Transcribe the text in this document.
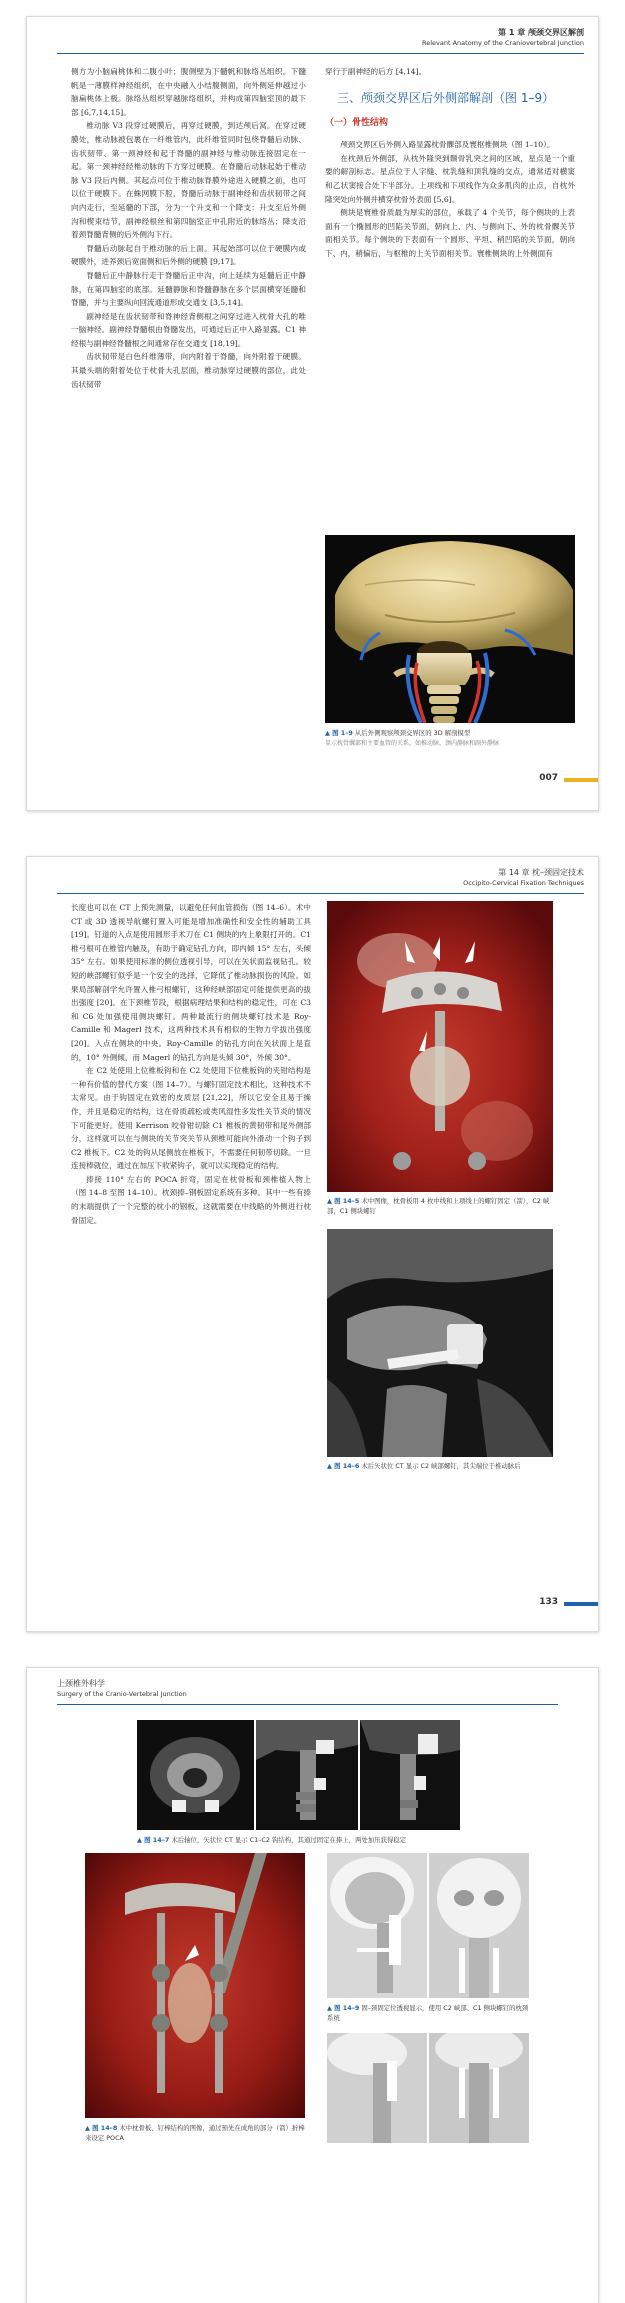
第 1 章 颅颈交界区解剖
Relevant Anatomy of the Craniovertebral Junction

侧方为小脑扁桃体和二腹小叶；腹侧壁为下髓帆和脉络丛组织。下髓帆是一薄膜样神经组织，在中央融入小结腹侧面，向外侧延伸越过小脑扁桃体上极。脉络丛组织穿越脉络组织，并构成第四脑室顶的最下部 [6,7,14,15]。

椎动脉 V3 段穿过硬膜后，再穿过硬膜，到达颅后窝。在穿过硬膜处，椎动脉被包裹在一纤维管内，此纤维管同时包绕脊髓后动脉、齿状韧带、第一颈神经和起于脊髓的副神经与椎动脉连接固定在一起。第一颈神经经椎动脉的下方穿过硬膜。在脊髓后动脉起始于椎动脉 V3 段后内侧。其起点可位于椎动脉脊膜外途进入硬膜之前，也可以位于硬膜下。在蛛网膜下腔，脊髓后动脉于副神经和齿状韧带之间向内走行，至延髓的下部，分为一个升支和一个降支：升支至后外侧沟和楔束结节，副神经根丝和第四脑室正中孔附近的脉络丛；降支沿着颈脊髓背侧的后外侧沟下行。

脊髓后动脉起自于椎动脉的后上面。其起始部可以位于硬膜内或硬膜外，进养颈后宽面侧和后外侧的硬膜 [9,17]。

脊髓后正中静脉行走于脊髓后正中沟，向上延续为延髓后正中静脉，在第四脑室的底部。延髓静脉和脊髓静脉在多个层面横穿延髓和脊髓，并与主要纵向回流通道形成交通支 [3,5,14]。

副神经是在齿状韧带和脊神经背侧根之间穿过进入枕骨大孔的唯一脑神经。副神经脊髓根由脊髓发出，可通过后正中入路显露。C1 神经根与副神经脊髓根之间通常存在交通支 [18,19]。

齿状韧带是白色纤维薄带，向内附着于脊髓，向外附着于硬膜。其最头端的附着处位于枕骨大孔层面，椎动脉穿过硬膜的部位，此处齿状韧带

穿行于副神经的后方 [4,14]。

三、颅颈交界区后外侧部解剖（图 1–9）
（一）骨性结构

颅颈交界区后外侧入路显露枕骨髁部及寰枢椎侧块（图 1–10）。

在枕颈后外侧部，从枕外隆突到颞骨乳突之间的区域，星点是一个重要的解剖标志。星点位于人字缝、枕乳缝和顶乳缝的交点，通常适对横窦和乙状窦接合处下半部分。上项线和下项线作为众多肌肉的止点，自枕外隆突处向外侧并横穿枕骨外表面 [5,6]。

侧块是寰椎骨质最为厚实的部位，承载了 4 个关节，每个侧块的上表面有一个椭圆形的凹陷关节面，朝向上、内、与侧向下、外的枕骨髁关节面相关节。每个侧块的下表面有一个圆形、平坦、稍凹陷的关节面，朝向下、内，稍偏后，与枢椎的上关节面相关节。寰椎侧块的上外侧面有

▲ 图 1–9 从后外侧观察颅颈交界区的 3D 解剖模型
显示枕骨髁部和主要血管的关系，如椎动脉，颈内静脉和副外静脉
007
第 14 章 枕–颈固定技术
Occipito-Cervical Fixation Techniques

长度也可以在 CT 上预先测量，以避免任何血管损伤（图 14–6）。术中 CT 或 3D 透视导航螺钉置入可能是增加准确性和安全性的辅助工具 [19]。钉道的入点是使用圆形手术刀在 C1 侧块的内上象限打开的。C1 椎弓根可在椎管内触及，有助于确定钻孔方向，即内倾 15° 左右，头倾 35° 左右。如果使用标准的侧位透视引导，可以在矢状面监视钻孔。较短的峡部螺钉似乎是一个安全的选择，它降低了椎动脉损伤的风险。如果局部解剖学允许置入椎弓根螺钉，这种经峡部固定可能提供更高的拔出强度 [20]。在下颈椎节段，根据病理结果和结构的稳定性，可在 C3 和 C6 处加强使用侧块螺钉。两种最流行的侧块螺钉技术是 Roy-Camille 和 Magerl 技术，这两种技术具有相似的生物力学拔出强度 [20]。入点在侧块的中央。Roy-Camille 的钻孔方向在矢状面上是直的，10° 外侧倾，而 Magerl 的钻孔方向是头倾 30°，外倾 30°。

在 C2 处使用上位椎板钩和在 C2 处使用下位椎板钩的夹钳结构是一种有价值的替代方案（图 14–7）。与螺钉固定技术相比，这种技术不太常见。由于钩固定在致密的皮质层 [21,22]，所以它安全且易于操作，并且是稳定的结构，这在骨质疏松或类风湿性多发性关节炎的情况下可能更好。使用 Kerrison 咬骨钳切除 C1 椎板的黄韧带和尾外侧部分，这样就可以在与侧块的关节突关节从颈椎可能向外滑动一个钩子到 C2 椎板下。C2 处的钩从尾侧放在椎板下，不需要任何韧带切除。一旦连接棒就位，通过在加压下收紧钩子，就可以实现稳定的结构。

捧接 110° 左右的 POCA 折弯，固定在枕骨板和颈椎植入物上（图 14–8 至图 14–10）。枕颈捧–钢板固定系统有多种。其中一些有捧的末端提供了一个完整的枕小的钢板，这就需要在中线略的外侧进行枕骨固定。

▲ 图 14–5 术中图像，枕骨板用 4 枚中线和上项线上的螺钉固定（箭），C2 峡部，C1 侧块螺钉
▲ 图 14–6 术后矢状位 CT 显示 C2 峡部螺钉，其尖端位于椎动脉后
133
上颈椎外科学
Surgery of the Cranio-Vertebral Junction
▲ 图 14–7 术后轴位，矢状位 CT 显示 C1–C2 钩结构，其通过固定在捧上，两处加压获得稳定
▲ 图 14–8 术中枕骨板、钉棒结构的图像，通过预先在成角的部分（箭）折棒来设定 POCA
▲ 图 14–9 固–颈固定位透视显示，使用 C2 峡部、C1 侧块螺钉的枕颈系统
